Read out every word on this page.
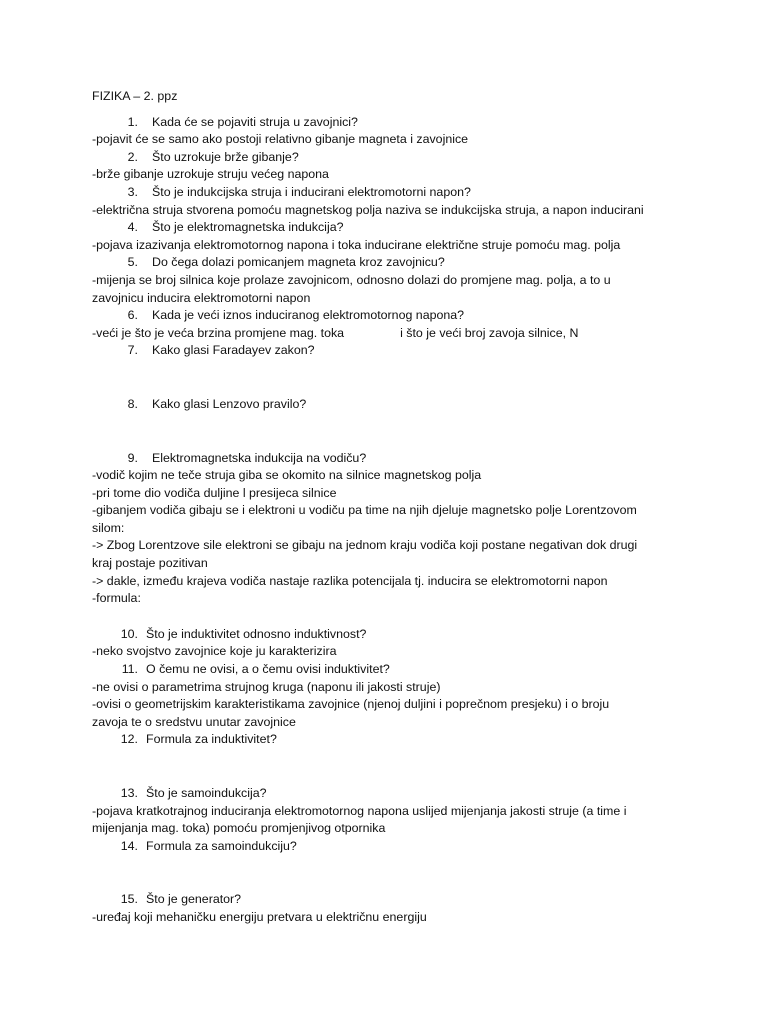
FIZIKA – 2. ppz
1. Kada će se pojaviti struja u zavojnici?
-pojavit će se samo ako postoji relativno gibanje magneta i zavojnice
2. Što uzrokuje brže gibanje?
-brže gibanje uzrokuje struju većeg napona
3. Što je indukcijska struja i inducirani elektromotorni napon?
-električna struja stvorena pomoću magnetskog polja naziva se indukcijska struja, a napon inducirani
4. Što je elektromagnetska indukcija?
-pojava izazivanja elektromotornog napona i toka inducirane električne struje pomoću mag. polja
5. Do čega dolazi pomicanjem magneta kroz zavojnicu?
-mijenja se broj silnica koje prolaze zavojnicom, odnosno dolazi do promjene mag. polja, a to u
zavojnicu inducira elektromotorni napon
6. Kada je veći iznos induciranog elektromotornog napona?
-veći je što je veća brzina promjene mag. toka	i što je veći broj zavoja silnice, N
7. Kako glasi Faradayev zakon?
8. Kako glasi Lenzovo pravilo?
9. Elektromagnetska indukcija na vodiču?
-vodič kojim ne teče struja giba se okomito na silnice magnetskog polja
-pri tome dio vodiča duljine l presijeca silnice
-gibanjem vodiča gibaju se i elektroni u vodiču pa time na njih djeluje magnetsko polje Lorentzovom
silom:
-> Zbog Lorentzove sile elektroni se gibaju na jednom kraju vodiča koji postane negativan dok drugi
kraj postaje pozitivan
-> dakle, između krajeva vodiča nastaje razlika potencijala tj. inducira se elektromotorni napon
-formula:
10. Što je induktivitet odnosno induktivnost?
-neko svojstvo zavojnice koje ju karakterizira
11. O čemu ne ovisi, a o čemu ovisi induktivitet?
-ne ovisi o parametrima strujnog kruga (naponu ili jakosti struje)
-ovisi o geometrijskim karakteristikama zavojnice (njenoj duljini i poprečnom presjeku) i o broju
zavoja te o sredstvu unutar zavojnice
12. Formula za induktivitet?
13. Što je samoindukcija?
-pojava kratkotrajnog induciranja elektromotornog napona uslijed mijenjanja jakosti struje (a time i
mijenjanja mag. toka) pomoću promjenjivog otpornika
14. Formula za samoindukciju?
15. Što je generator?
-uređaj koji mehaničku energiju pretvara u električnu energiju
